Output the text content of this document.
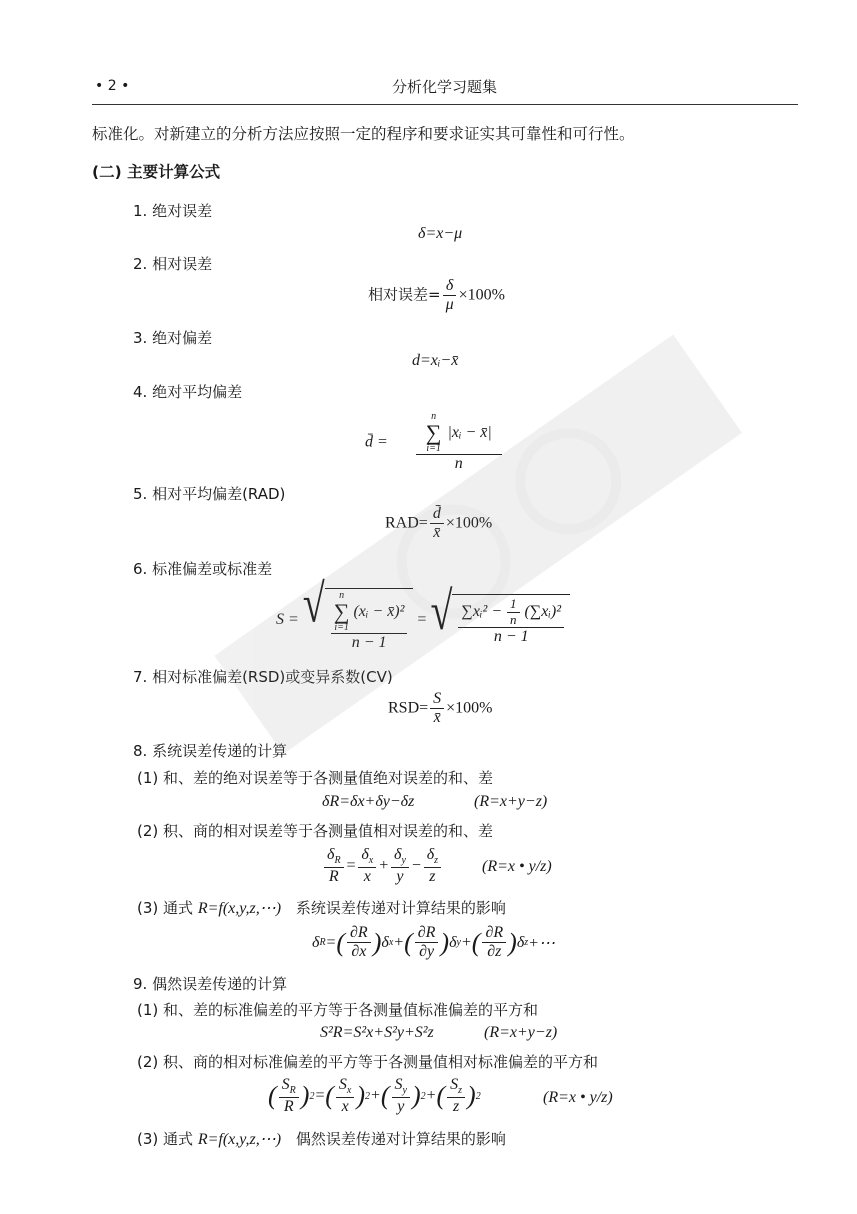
• 2 •	分析化学习题集
标准化。对新建立的分析方法应按照一定的程序和要求证实其可靠性和可行性。
(二) 主要计算公式
1. 绝对误差
δ=x−μ
2. 相对误差
相对误差= $\frac{\delta}{\mu} \times 100\%$
3. 绝对偏差
d=xᵢ−x̄
4. 绝对平均偏差
d̄ = n
∑
i=1
|xᵢ − x̄|
n
5. 相对平均偏差(RAD)
$RAD= \frac{d̄}{x̄} \times 100\%$
6. 标准偏差或标准差
S = √ n
∑
i=1
(xᵢ − x̄)²
n − 1 = √ $\frac{\sum xᵢ^2 - \frac{1}{n} (\sum xᵢ)^2}{n - 1}$
7. 相对标准偏差(RSD)或变异系数(CV)
$RSD= \frac{S}{x̄} \times 100\%$
8. 系统误差传递的计算
(1) 和、差的绝对误差等于各测量值绝对误差的和、差
δR=δx+δy−δz	(R=x+y−z)
(2) 积、商的相对误差等于各测量值相对误差的和、差
$\frac{\delta_R}{R} = \frac{\delta_x}{x} + \frac{\delta_y}{y} - \frac{\delta_z}{z}$	(R=x • y/z)
(3) 通式 R=f(x,y,z,⋯) 系统误差传递对计算结果的影响
δ R = ( $\frac{\partial R}{\partial x}$ ) δ x + ( $\frac{\partial R}{\partial y}$ ) δ y + ( $\frac{\partial R}{\partial z}$ ) δ z +⋯
9. 偶然误差传递的计算
(1) 和、差的标准偏差的平方等于各测量值标准偏差的平方和
S²R=S²x+S²y+S²z	(R=x+y−z)
(2) 积、商的相对标准偏差的平方等于各测量值相对标准偏差的平方和
( $\frac{S_R}{R}$ ) 2 = ( $\frac{S_x}{x}$ ) 2 + ( $\frac{S_y}{y}$ ) 2 + ( $\frac{S_z}{z}$ ) 2	(R=x • y/z)
(3) 通式 R=f(x,y,z,⋯) 偶然误差传递对计算结果的影响
